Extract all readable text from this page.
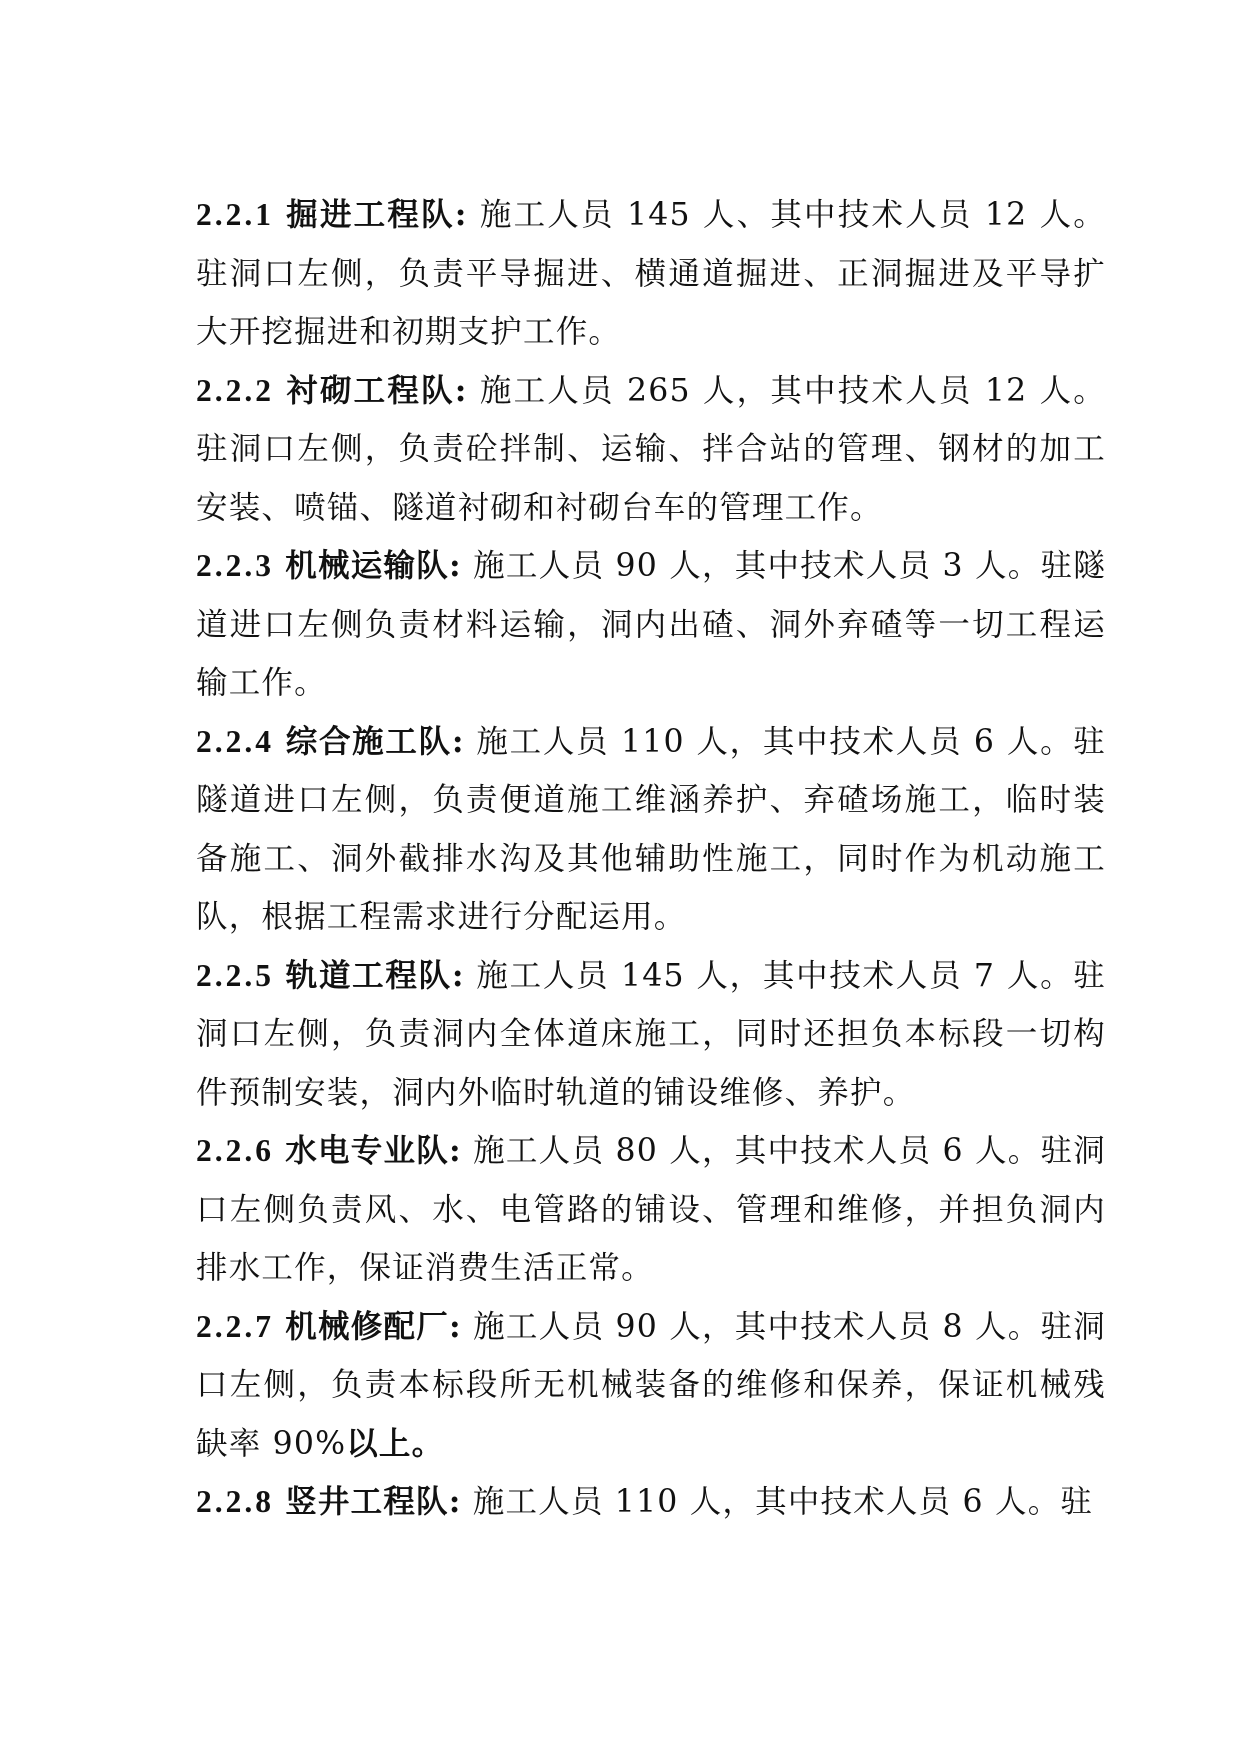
2.2.1 掘进工程队: 施工人员 145 人、其中技术人员 12 人。驻洞口左侧，负责平导掘进、横通道掘进、正洞掘进及平导扩大开挖掘进和初期支护工作。

2.2.2 衬砌工程队: 施工人员 265 人，其中技术人员 12 人。驻洞口左侧，负责砼拌制、运输、拌合站的管理、钢材的加工安装、喷锚、隧道衬砌和衬砌台车的管理工作。

2.2.3 机械运输队: 施工人员 90 人，其中技术人员 3 人。驻隧道进口左侧负责材料运输，洞内出碴、洞外弃碴等一切工程运输工作。

2.2.4 综合施工队: 施工人员 110 人，其中技术人员 6 人。驻隧道进口左侧，负责便道施工维涵养护、弃碴场施工，临时装备施工、洞外截排水沟及其他辅助性施工，同时作为机动施工队，根据工程需求进行分配运用。

2.2.5 轨道工程队: 施工人员 145 人，其中技术人员 7 人。驻洞口左侧，负责洞内全体道床施工，同时还担负本标段一切构件预制安装，洞内外临时轨道的铺设维修、养护。

2.2.6 水电专业队: 施工人员 80 人，其中技术人员 6 人。驻洞口左侧负责风、水、电管路的铺设、管理和维修，并担负洞内排水工作，保证消费生活正常。

2.2.7 机械修配厂: 施工人员 90 人，其中技术人员 8 人。驻洞口左侧，负责本标段所无机械装备的维修和保养，保证机械残缺率 90%以上。

2.2.8 竖井工程队: 施工人员 110 人，其中技术人员 6 人。驻
